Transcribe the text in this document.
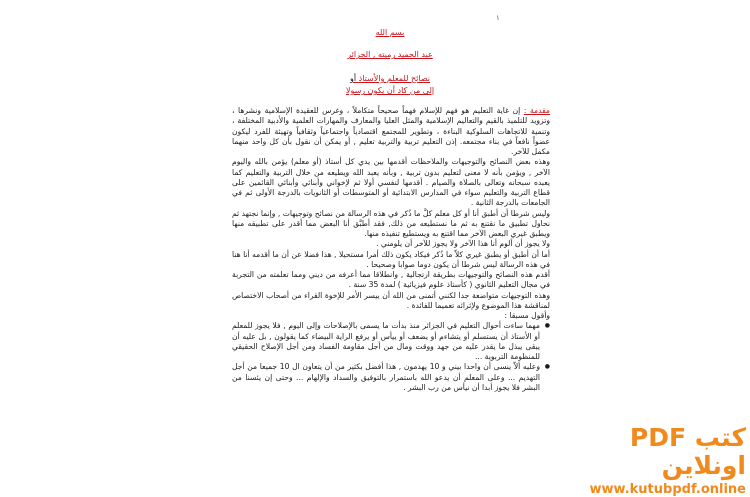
١
بسم الله
عبد الحميد رميته , الجزائر
نصائح للمعلم والأستاذ أو
إلى من كاد أن يكون رسولا

مقدمة : إن غاية التعليم هو فهم للإسلام فهماً صحيحاً متكاملاً ، وغرس للعقيدة الإسلامية ونشرها ، وتزويد للتلميذ بالقيم والتعاليم الإسلامية والمثل العليا والمعارف والمهارات العلمية والأدبية المختلفة ، وتنمية للاتجاهات السلوكية البناءة ، وتطوير للمجتمع اقتصادياً واجتماعياً وثقافياً وتهيئة للفرد ليكون عضواً نافعاً في بناء مجتمعه. إذن التعليم تربية والتربية تعليم , أو يمكن أن نقول بأن كل واحد منهما مكمل للآخر.

وهذه بعض النصائح والتوجيهات والملاحظات أقدمها بين يدي كل أستاذ (أو معلم) يؤمن بالله واليوم الآخر , ويؤمن بأنه لا معنى لتعليم بدون تربية , وبأنه يعبد الله ويطيعه من خلال التربية والتعليم كما يعبده سبحانه وتعالى بالصلاة والصيام . أقدمها لنفسي أولا ثم لإخواني وأبنائي وأبنائي القائمين على قطاع التربية والتعليم سواء في المدارس الابتدائية أو المتوسطات أو الثانويات بالدرجة الأولى ثم في الجامعات بالدرجة الثانية .

وليس شرطا أن أطبق أنا أو كل معلم كلَّ ما ذُكر في هذه الرسالة من نصائح وتوجيهات , وإنما نجتهد ثم نحاول تطبيق ما نقتنع به ثم ما نستطيعه من ذلك, فقد أطبَّق أنا البعض مما أقدر على تطبيقه منها ويطبق غيري البعض الآخر مما اقتنع به ويستطيع تنفيذه منها.

ولا يجوز أن ألوم أنا هذا الآخر ولا يجوز للآخر أن يلومني .

أما أن أطبق أو يطبق غيري كلاّ ما ذُكر فيكاد يكون ذلك أمرا مستحيلا , هذا فضلا عن أن ما أقدمه أنا هنا في هذه الرسالة ليس شرطا أن يكون دوما صوابا وصحيحا .

أقدم هذه النصائح والتوجيهات بطريقة ارتجالية , وانطلاقا مما أعرفه من ديني ومما تعلمته من التجربة في مجال التعليم الثانوي ( كأستاذ علوم فيزيائية ) لمدة 35 سنة .

وهذه التوجيهات متواضعة جدا لكنني أتمنى من الله أن ييسر الأمر للإخوة القراء من أصحاب الاختصاص لمناقشة هذا الموضوع ولإثرائه تعميما للفائدة .

وأقول مسبقا :

● مهما ساءت أحوال التعليم في الجزائر منذ بدأت ما يسمى بالإصلاحات وإلى اليوم , فلا يجوز للمعلم أو الأستاذ أن يستسلم أو يتشاءم أو يضعف أو ييأس أو يرفع الراية البيضاء كما يقولون , بل عليه أن يبقى يبذل ما يقدر عليه من جهد ووقت ومال من أجل مقاومة الفساد ومن أجل الإصلاح الحقيقي للمنظومة التربوية ...
● وعليه ألاّ ينسى أن واحدا بيني و 10 يهدمون , هذا أفضل بكثير من أن يتعاون ال 10 جميعا من أجل التهديم ... وعلى المعلم أن يدعو الله باستمرار بالتوفيق والسداد والإلهام ... وحتى إن يئسنا من البشر فلا يجوز أبدا أن نيأس من رب البشر .
كتب PDF اونلاين
www.kutubpdf.online
